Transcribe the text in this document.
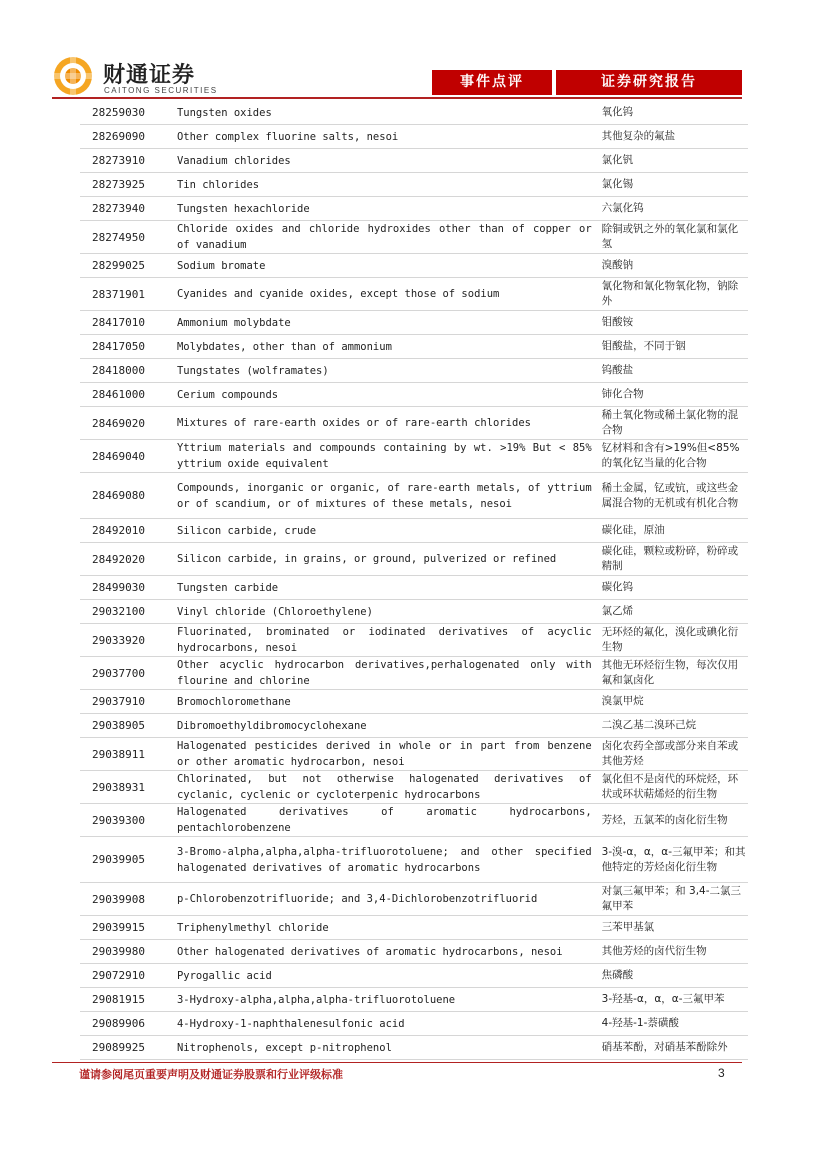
财通证券
CAITONG SECURITIES
事件点评	证券研究报告
28259030	Tungsten oxides	氧化钨
28269090	Other complex fluorine salts, nesoi	其他复杂的氟盐
28273910	Vanadium chlorides	氯化钒
28273925	Tin chlorides	氯化锡
28273940	Tungsten hexachloride	六氯化钨
28274950	Chloride oxides and chloride hydroxides other than of copper or of vanadium	除铜或钒之外的氧化氯和氯化氢
28299025	Sodium bromate	溴酸钠
28371901	Cyanides and cyanide oxides, except those of sodium	氰化物和氰化物氧化物，钠除外
28417010	Ammonium molybdate	钼酸铵
28417050	Molybdates, other than of ammonium	钼酸盐，不同于铟
28418000	Tungstates (wolframates)	钨酸盐
28461000	Cerium compounds	铈化合物
28469020	Mixtures of rare-earth oxides or of rare-earth chlorides	稀土氧化物或稀土氯化物的混合物
28469040	Yttrium materials and compounds containing by wt. >19% But < 85% yttrium oxide equivalent	钇材料和含有>19%但<85%的氧化钇当量的化合物
28469080	Compounds, inorganic or organic, of rare-earth metals, of yttrium or of scandium, or of mixtures of these metals, nesoi	稀土金属，钇或钪，或这些金属混合物的无机或有机化合物
28492010	Silicon carbide, crude	碳化硅，原油
28492020	Silicon carbide, in grains, or ground, pulverized or refined	碳化硅，颗粒或粉碎，粉碎或精制
28499030	Tungsten carbide	碳化钨
29032100	Vinyl chloride (Chloroethylene)	氯乙烯
29033920	Fluorinated, brominated or iodinated derivatives of acyclic hydrocarbons, nesoi	无环烃的氟化，溴化或碘化衍生物
29037700	Other acyclic hydrocarbon derivatives,perhalogenated only with flourine and chlorine	其他无环烃衍生物，每次仅用氟和氯卤化
29037910	Bromochloromethane	溴氯甲烷
29038905	Dibromoethyldibromocyclohexane	二溴乙基二溴环己烷
29038911	Halogenated pesticides derived in whole or in part from benzene or other aromatic hydrocarbon, nesoi	卤化农药全部或部分来自苯或其他芳烃
29038931	Chlorinated, but not otherwise halogenated derivatives of cyclanic, cyclenic or cycloterpenic hydrocarbons	氯化但不是卤代的环烷烃，环状或环状萜烯烃的衍生物
29039300	Halogenated derivatives of aromatic hydrocarbons, pentachlorobenzene	芳烃，五氯苯的卤化衍生物
29039905	3-Bromo-alpha,alpha,alpha-trifluorotoluene; and other specified halogenated derivatives of aromatic hydrocarbons	3-溴-α，α，α-三氟甲苯；和其他特定的芳烃卤化衍生物
29039908	p-Chlorobenzotrifluoride; and 3,4-Dichlorobenzotrifluorid	对氯三氟甲苯；和 3,4-二氯三氟甲苯
29039915	Triphenylmethyl chloride	三苯甲基氯
29039980	Other halogenated derivatives of aromatic hydrocarbons, nesoi	其他芳烃的卤代衍生物
29072910	Pyrogallic acid	焦磷酸
29081915	3-Hydroxy-alpha,alpha,alpha-trifluorotoluene	3-羟基-α，α，α-三氟甲苯
29089906	4-Hydroxy-1-naphthalenesulfonic acid	4-羟基-1-萘磺酸
29089925	Nitrophenols, except p-nitrophenol	硝基苯酚，对硝基苯酚除外
谨请参阅尾页重要声明及财通证券股票和行业评级标准	3
